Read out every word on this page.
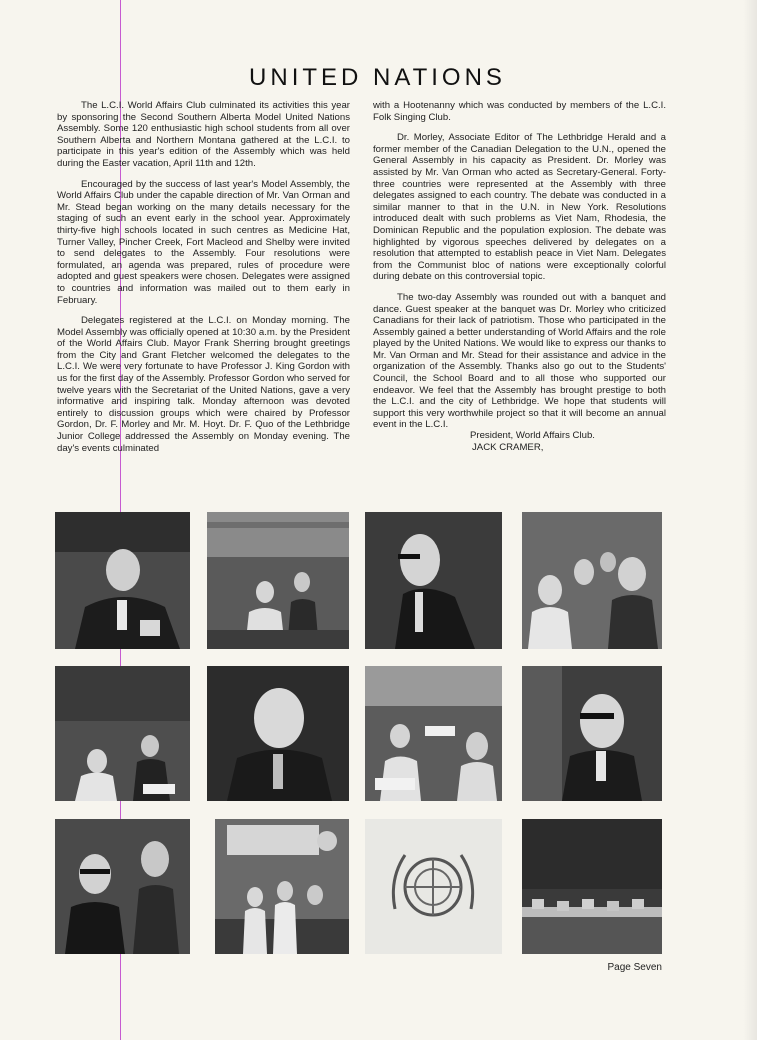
UNITED NATIONS

The L.C.I. World Affairs Club culminated its activities this year by sponsoring the Second Southern Alberta Model United Nations Assembly. Some 120 enthusiastic high school students from all over Southern Alberta and Northern Montana gathered at the L.C.I. to participate in this year's edition of the Assembly which was held during the Easter vacation, April 11th and 12th.

Encouraged by the success of last year's Model Assembly, the World Affairs Club under the capable direction of Mr. Van Orman and Mr. Stead began working on the many details necessary for the staging of such an event early in the school year. Approximately thirty-five high schools located in such centres as Medicine Hat, Turner Valley, Pincher Creek, Fort Macleod and Shelby were invited to send delegates to the Assembly. Four resolutions were formulated, an agenda was prepared, rules of procedure were adopted and guest speakers were chosen. Delegates were assigned to countries and information was mailed out to them early in February.

Delegates registered at the L.C.I. on Monday morning. The Model Assembly was officially opened at 10:30 a.m. by the President of the World Affairs Club. Mayor Frank Sherring brought greetings from the City and Grant Fletcher welcomed the delegates to the L.C.I. We were very fortunate to have Professor J. King Gordon with us for the first day of the Assembly. Professor Gordon who served for twelve years with the Secretariat of the United Nations, gave a very informative and inspiring talk. Monday afternoon was devoted entirely to discussion groups which were chaired by Professor Gordon, Dr. F. Morley and Mr. M. Hoyt. Dr. F. Quo of the Lethbridge Junior College addressed the Assembly on Monday evening. The day's events culminated

with a Hootenanny which was conducted by members of the L.C.I. Folk Singing Club.

Dr. Morley, Associate Editor of The Lethbridge Herald and a former member of the Canadian Delegation to the U.N., opened the General Assembly in his capacity as President. Dr. Morley was assisted by Mr. Van Orman who acted as Secretary-General. Forty-three countries were represented at the Assembly with three delegates assigned to each country. The debate was conducted in a similar manner to that in the U.N. in New York. Resolutions introduced dealt with such problems as Viet Nam, Rhodesia, the Dominican Republic and the population explosion. The debate was highlighted by vigorous speeches delivered by delegates on a resolution that attempted to establish peace in Viet Nam. Delegates from the Communist bloc of nations were exceptionally colorful during debate on this controversial topic.

The two-day Assembly was rounded out with a banquet and dance. Guest speaker at the banquet was Dr. Morley who criticized Canadians for their lack of patriotism. Those who participated in the Assembly gained a better understanding of World Affairs and the role played by the United Nations. We would like to express our thanks to Mr. Van Orman and Mr. Stead for their assistance and advice in the organization of the Assembly. Thanks also go out to the Students' Council, the School Board and to all those who supported our endeavor. We feel that the Assembly has brought prestige to both the L.C.I. and the city of Lethbridge. We hope that students will support this very worthwhile project so that it will become an annual event in the L.C.I.

President, World Affairs Club.
JACK CRAMER,
Page Seven
